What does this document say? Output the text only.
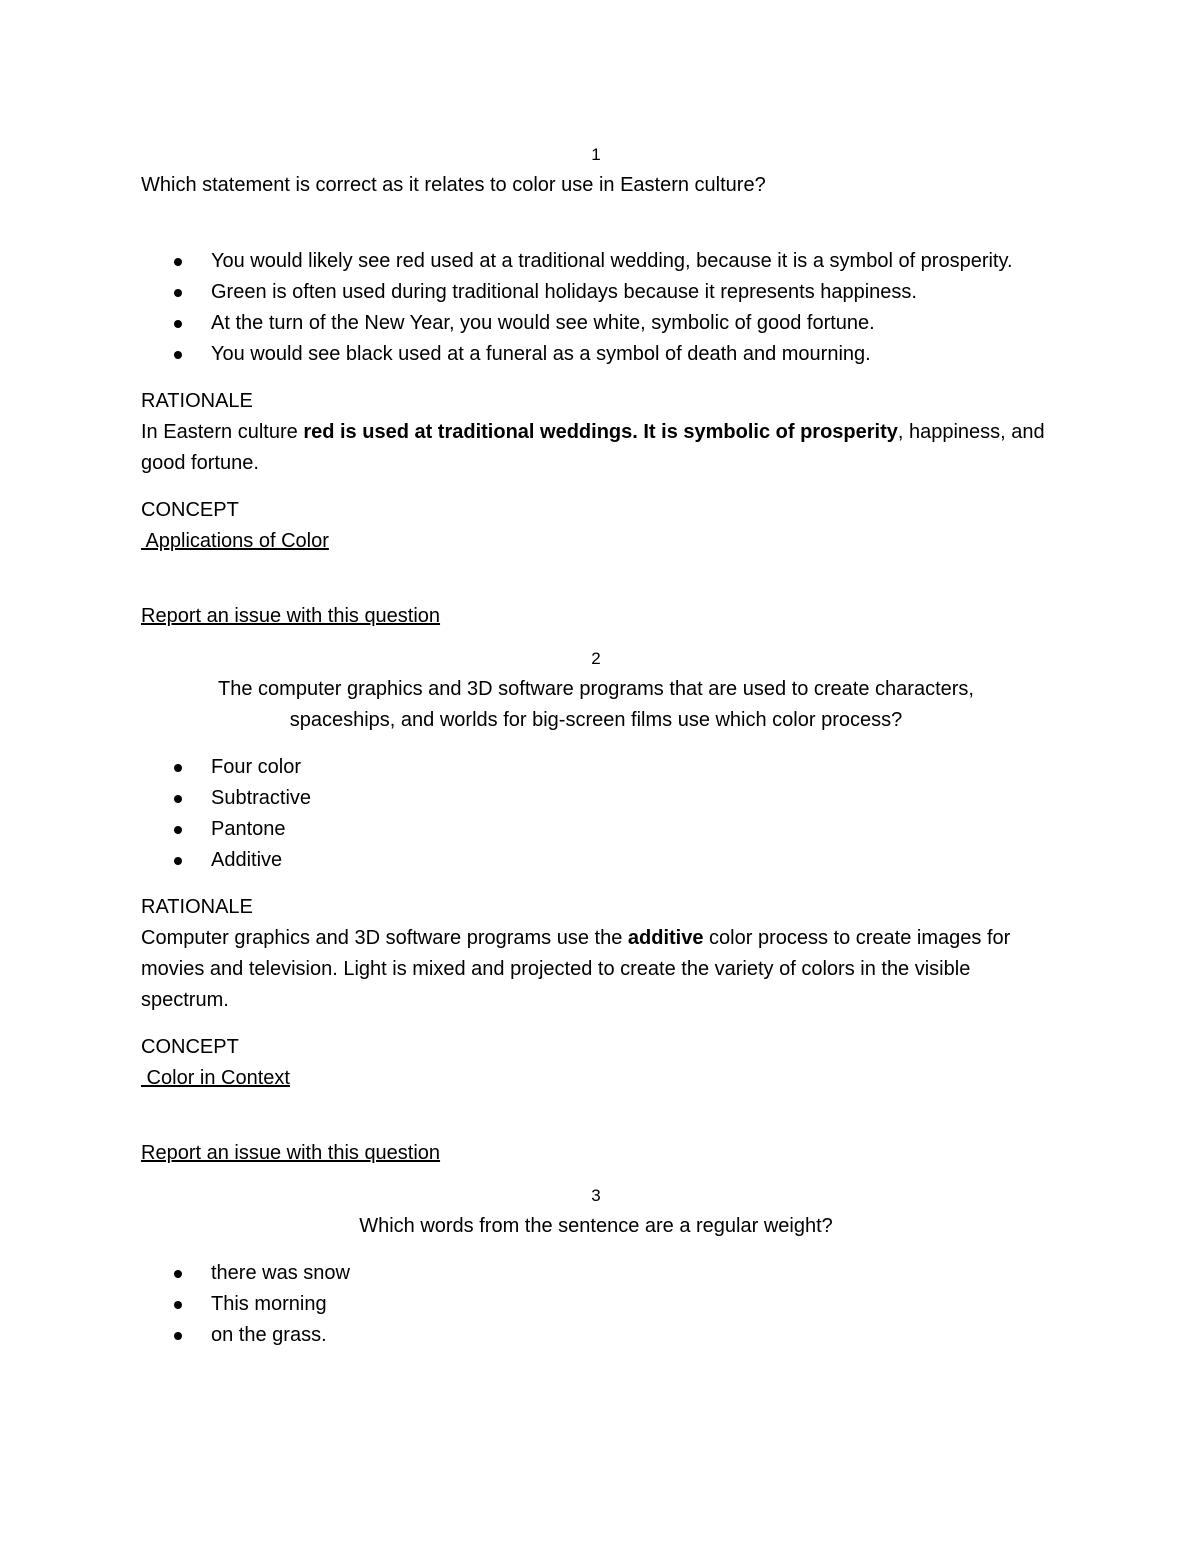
1

Which statement is correct as it relates to color use in Eastern culture?

You would likely see red used at a traditional wedding, because it is a symbol of prosperity.
Green is often used during traditional holidays because it represents happiness.
At the turn of the New Year, you would see white, symbolic of good fortune.
You would see black used at a funeral as a symbol of death and mourning.

RATIONALE

In Eastern culture red is used at traditional weddings. It is symbolic of prosperity, happiness, and good fortune.

CONCEPT

Applications of Color

Report an issue with this question

2

The computer graphics and 3D software programs that are used to create characters, spaceships, and worlds for big-screen films use which color process?

Four color
Subtractive
Pantone
Additive

RATIONALE

Computer graphics and 3D software programs use the additive color process to create images for movies and television. Light is mixed and projected to create the variety of colors in the visible spectrum.

CONCEPT

Color in Context

Report an issue with this question

3

Which words from the sentence are a regular weight?

there was snow
This morning
on the grass.
